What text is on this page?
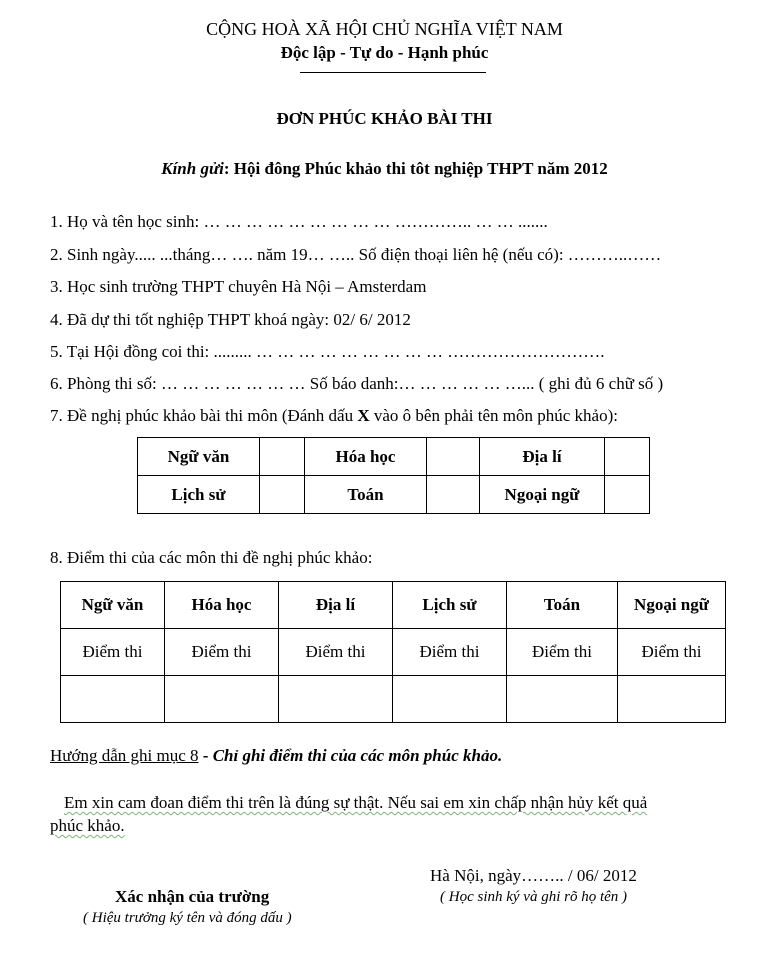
CỘNG HOÀ XÃ HỘI CHỦ NGHĨA VIỆT NAM
Độc lập - Tự do - Hạnh phúc
ĐƠN PHÚC KHẢO BÀI THI
Kính gửi: Hội đông Phúc khảo thi tôt nghiệp THPT năm 2012
1. Họ và tên học sinh: … … … … … … … … … ………….. … … .......
2. Sinh ngày..... ...tháng… …. năm 19… ….. Số điện thoại liên hệ (nếu có): ………..……
3. Học sinh trường THPT chuyên Hà Nội – Amsterdam
4. Đã dự thi tốt nghiệp THPT khoá ngày: 02/ 6/ 2012
5. Tại Hội đồng coi thi: ......... … … … … … … … … … ……………………….
6. Phòng thi số: … … … … … … … Số báo danh:… … … … … …... ( ghi đủ 6 chữ số )
7. Đề nghị phúc khảo bài thi môn (Đánh dấu X vào ô bên phải tên môn phúc khảo):
Ngữ văn		Hóa học		Địa lí	
Lịch sử		Toán		Ngoại ngữ	
8. Điểm thi của các môn thi đề nghị phúc khảo:
Ngữ văn	Hóa học	Địa lí	Lịch sử	Toán	Ngoại ngữ
Điểm thi	Điểm thi	Điểm thi	Điểm thi	Điểm thi	Điểm thi

Hướng dẫn ghi mục 8 - Chỉ ghi điểm thi của các môn phúc khảo.
Em xin cam đoan điểm thi trên là đúng sự thật. Nếu sai em xin chấp nhận hủy kết quả
phúc khảo.
Hà Nội, ngày…….. / 06/ 2012
( Học sinh ký và ghi rõ họ tên )
Xác nhận của trường
( Hiệu trưởng ký tên và đóng dấu )
